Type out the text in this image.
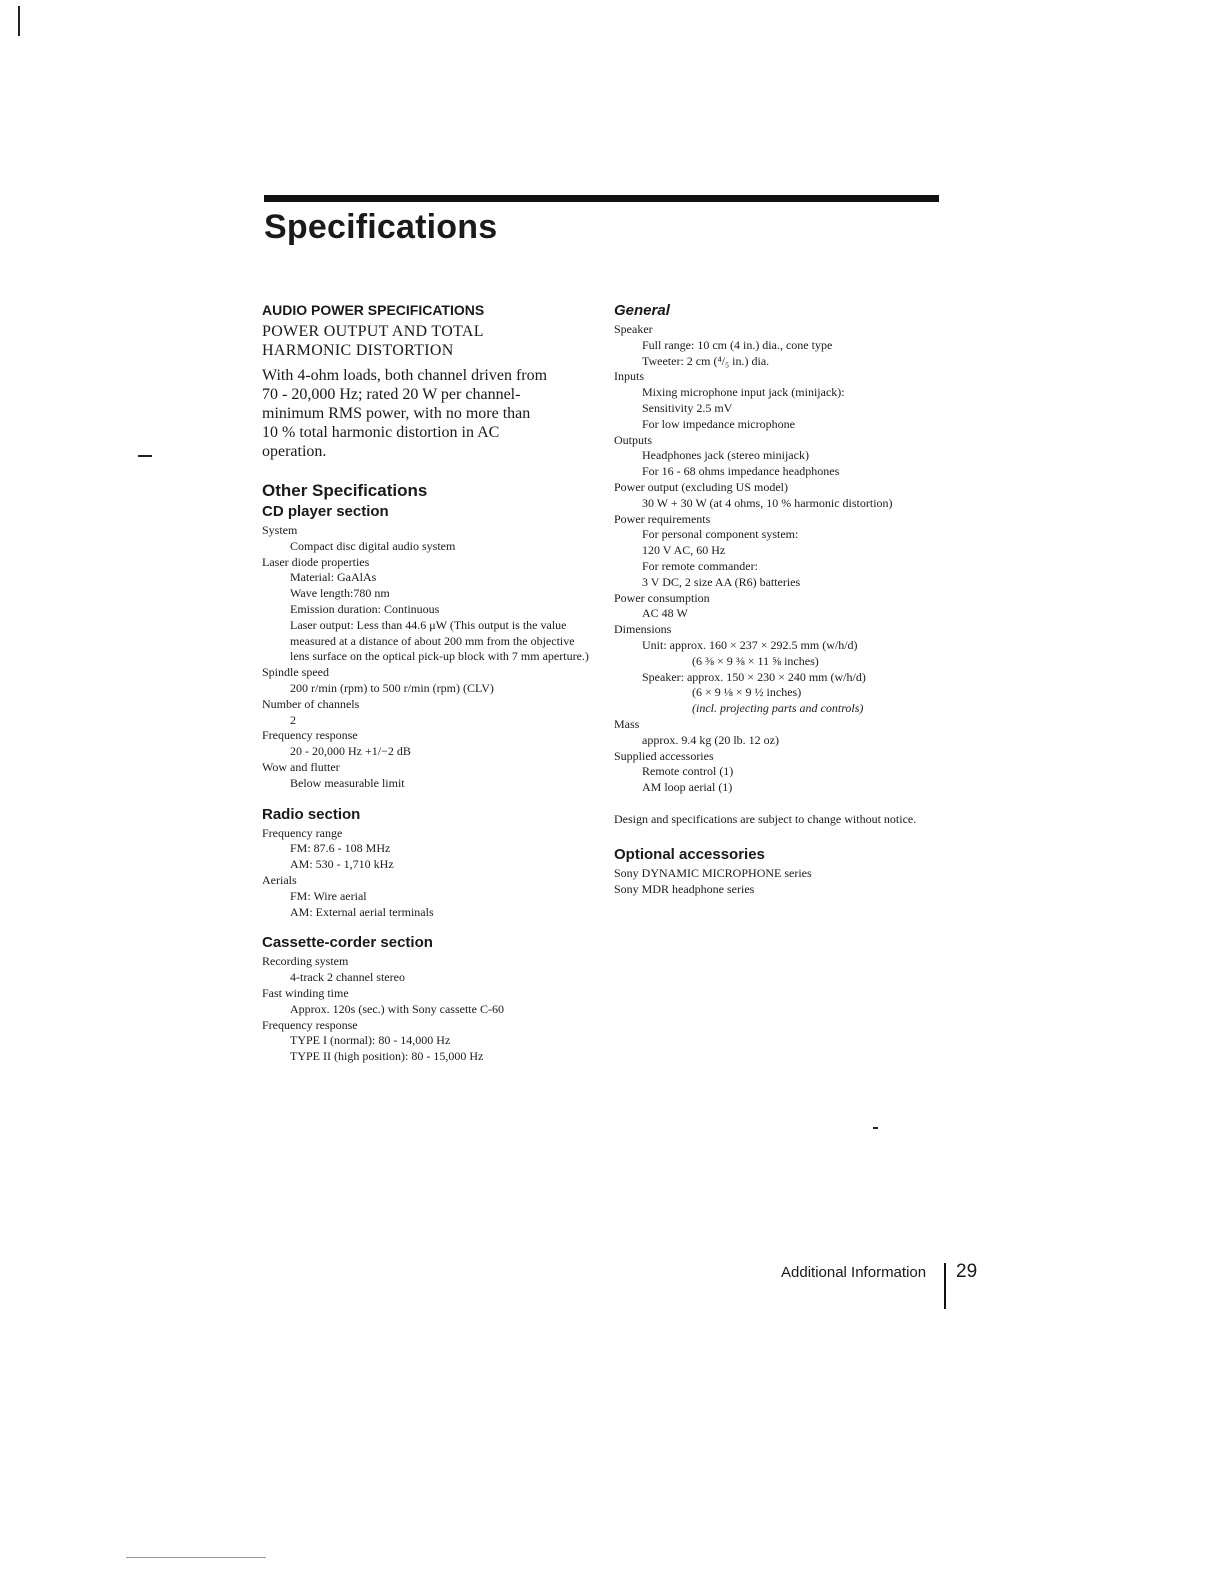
Specifications
AUDIO POWER SPECIFICATIONS
POWER OUTPUT AND TOTAL
HARMONIC DISTORTION
With 4-ohm loads, both channel driven from
70 - 20,000 Hz; rated 20 W per channel-
minimum RMS power, with no more than
10 % total harmonic distortion in AC
operation.
Other Specifications
CD player section
System
Compact disc digital audio system
Laser diode properties
Material: GaAlAs
Wave length:780 nm
Emission duration: Continuous
Laser output: Less than 44.6 μW (This output is the value measured at a distance of about 200 mm from the objective lens surface on the optical pick-up block with 7 mm aperture.)
Spindle speed
200 r/min (rpm) to 500 r/min (rpm) (CLV)
Number of channels
2
Frequency response
20 - 20,000 Hz +1/−2 dB
Wow and flutter
Below measurable limit
Radio section
Frequency range
FM: 87.6 - 108 MHz
AM: 530 - 1,710 kHz
Aerials
FM: Wire aerial
AM: External aerial terminals
Cassette-corder section
Recording system
4-track 2 channel stereo
Fast winding time
Approx. 120s (sec.) with Sony cassette C-60
Frequency response
TYPE I (normal): 80 - 14,000 Hz
TYPE II (high position): 80 - 15,000 Hz
General
Speaker
Full range: 10 cm (4 in.) dia., cone type
Tweeter: 2 cm (⁴/₅ in.) dia.
Inputs
Mixing microphone input jack (minijack):
Sensitivity 2.5 mV
For low impedance microphone
Outputs
Headphones jack (stereo minijack)
For 16 - 68 ohms impedance headphones
Power output (excluding US model)
30 W + 30 W (at 4 ohms, 10 % harmonic distortion)
Power requirements
For personal component system:
120 V AC, 60 Hz
For remote commander:
3 V DC, 2 size AA (R6) batteries
Power consumption
AC 48 W
Dimensions
Unit: approx. 160 × 237 × 292.5 mm (w/h/d)
(6 ⅜ × 9 ⅜ × 11 ⅝ inches)
Speaker: approx. 150 × 230 × 240 mm (w/h/d)
(6 × 9 ⅛ × 9 ½ inches)
(incl. projecting parts and controls)
Mass
approx. 9.4 kg (20 lb. 12 oz)
Supplied accessories
Remote control (1)
AM loop aerial (1)

Design and specifications are subject to change without notice.

Optional accessories
Sony DYNAMIC MICROPHONE series
Sony MDR headphone series
Additional Information 29
